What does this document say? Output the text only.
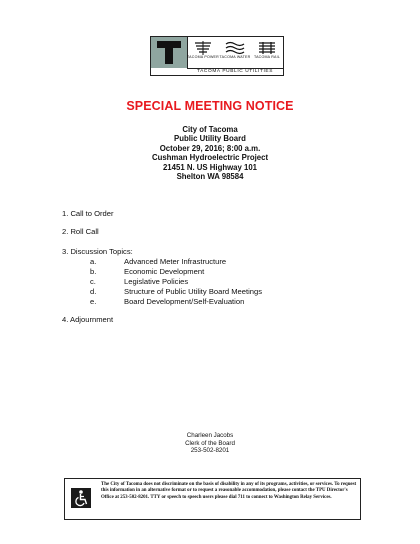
TACOMA POWER TACOMA WATER TACOMA RAIL
TACOMA PUBLIC UTILITIES
SPECIAL MEETING NOTICE
City of Tacoma
Public Utility Board
October 29, 2016; 8:00 a.m.
Cushman Hydroelectric Project
21451 N. US Highway 101
Shelton WA 98584
1. Call to Order
2. Roll Call
3. Discussion Topics:
a.	Advanced Meter Infrastructure
b.	Economic Development
c.	Legislative Policies
d.	Structure of Public Utility Board Meetings
e.	Board Development/Self-Evaluation
4. Adjournment
Charleen Jacobs
Clerk of the Board
253-502-8201
The City of Tacoma does not discriminate on the basis of disability in any of its programs, activities, or services. To request this information in an alternative format or to request a reasonable accommodation, please contact the TPU Director's Office at 253-502-8201. TTY or speech to speech users please dial 711 to connect to Washington Relay Services.
